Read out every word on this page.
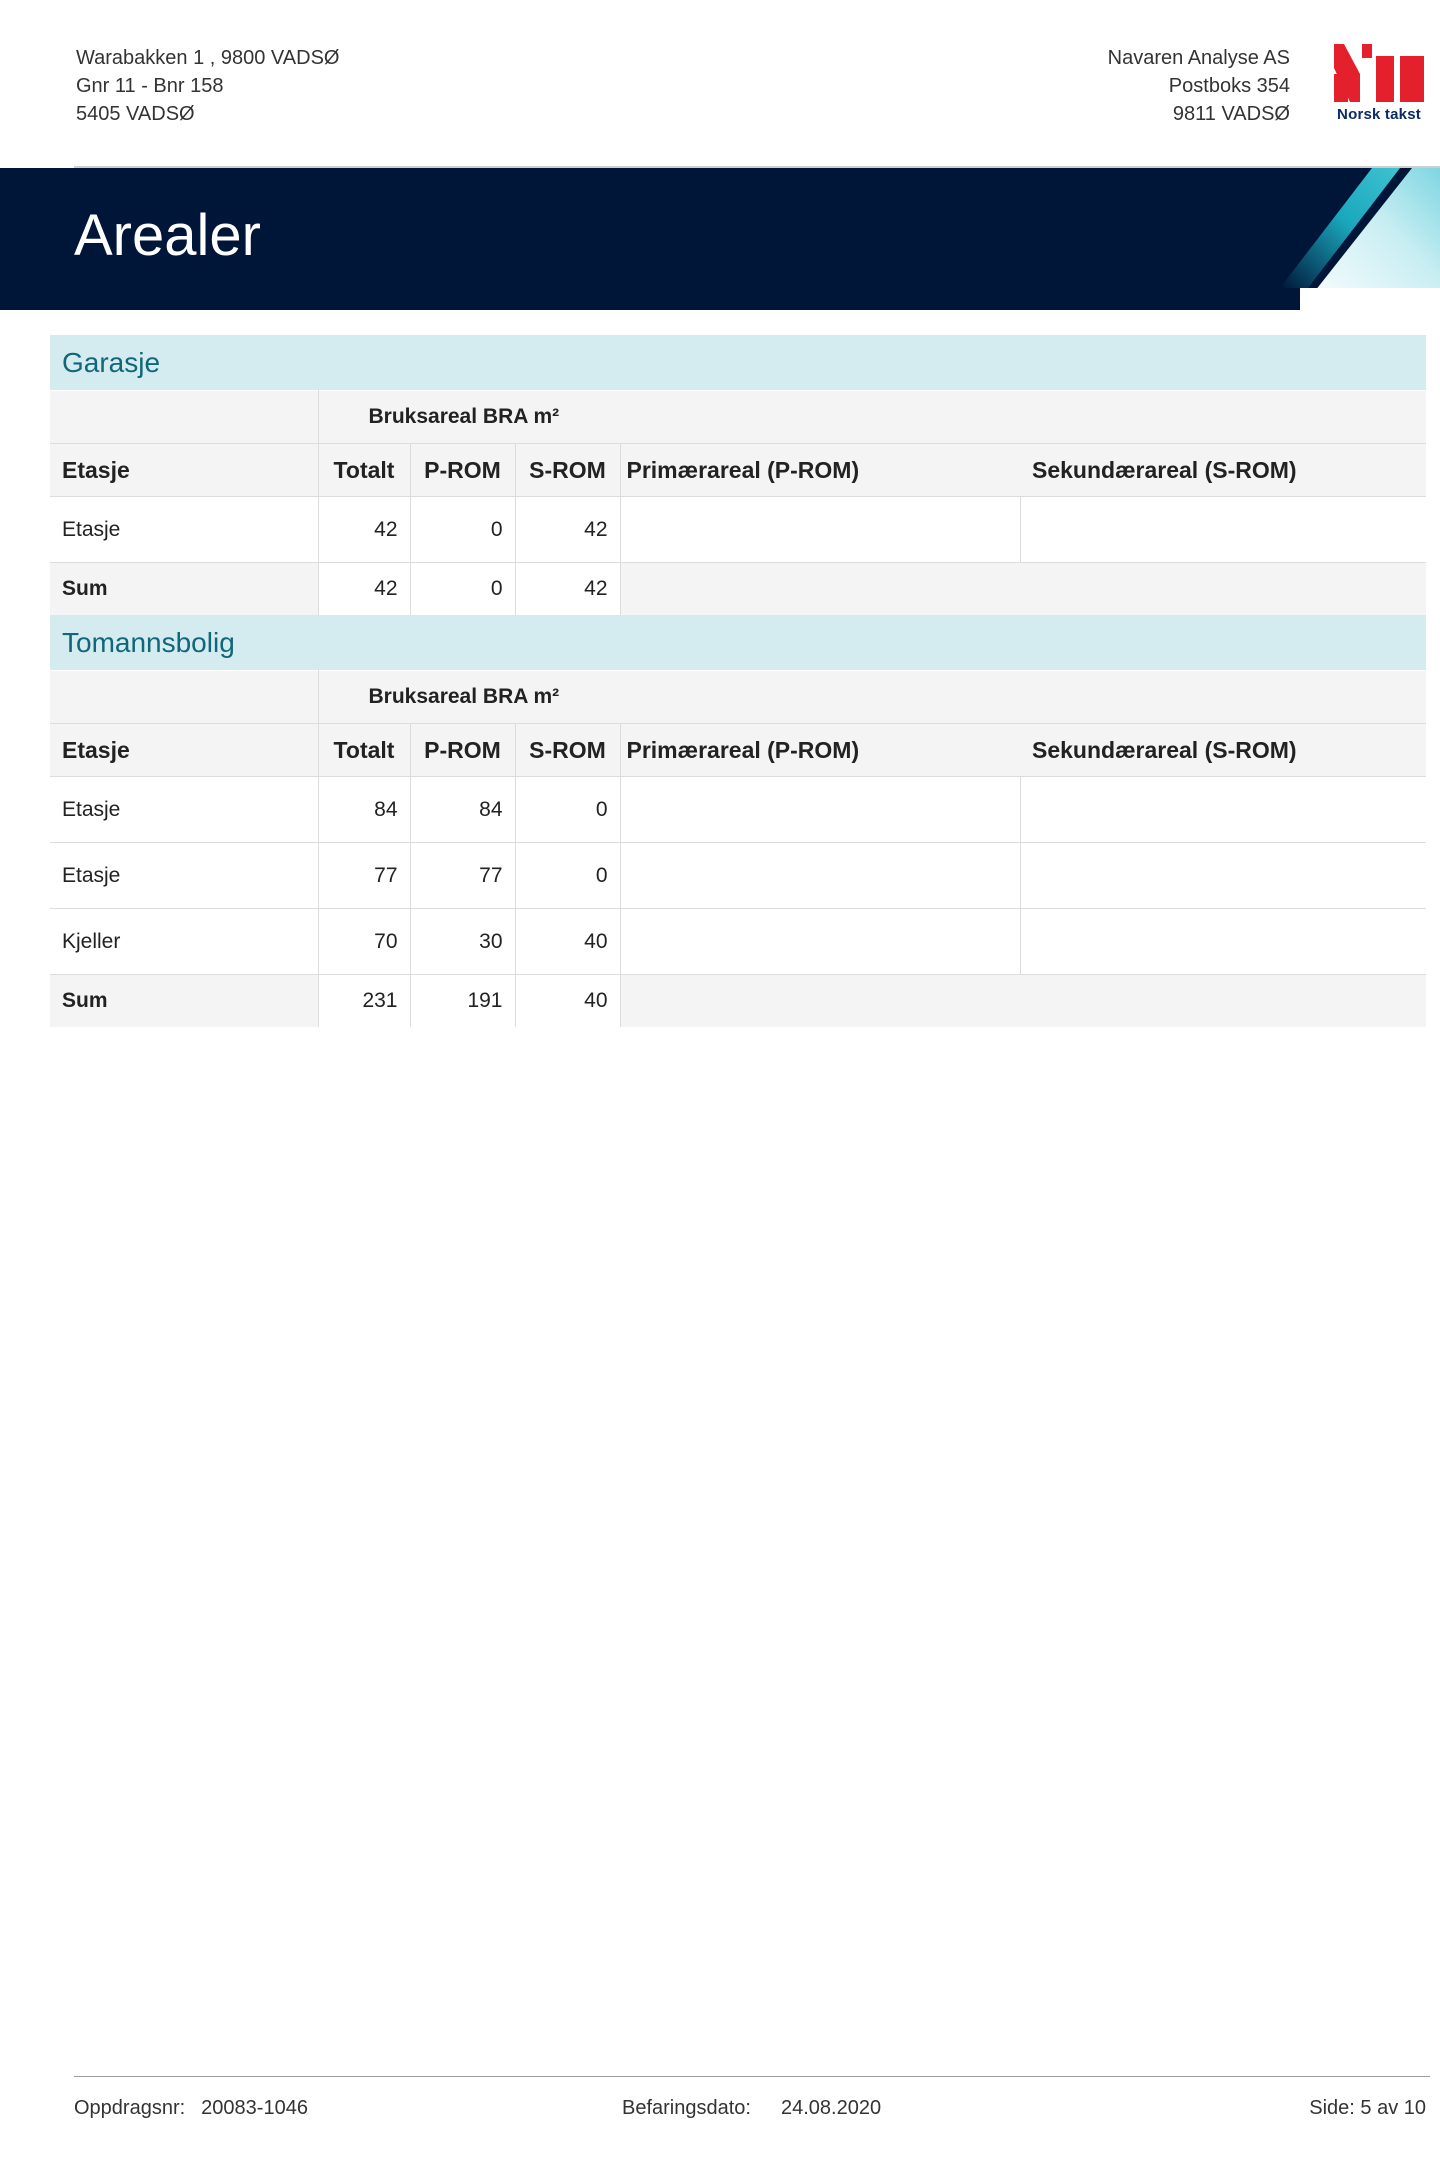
Warabakken 1 , 9800 VADSØ
Gnr 11 - Bnr 158
5405 VADSØ
Navaren Analyse AS
Postboks 354
9811 VADSØ	Norsk takst
Arealer
Garasje					
	Bruksareal BRA m²				
Etasje	Totalt	P-ROM	S-ROM	Primærareal (P-ROM)	Sekundærareal (S-ROM)
Etasje	42	0	42		
Sum	42	0	42		
Tomannsbolig					
	Bruksareal BRA m²				
Etasje	Totalt	P-ROM	S-ROM	Primærareal (P-ROM)	Sekundærareal (S-ROM)
Etasje	84	84	0		
Etasje	77	77	0		
Kjeller	70	30	40		
Sum	231	191	40		
Oppdragsnr: 20083-1046	Befaringsdato: 24.08.2020	Side: 5 av 10
